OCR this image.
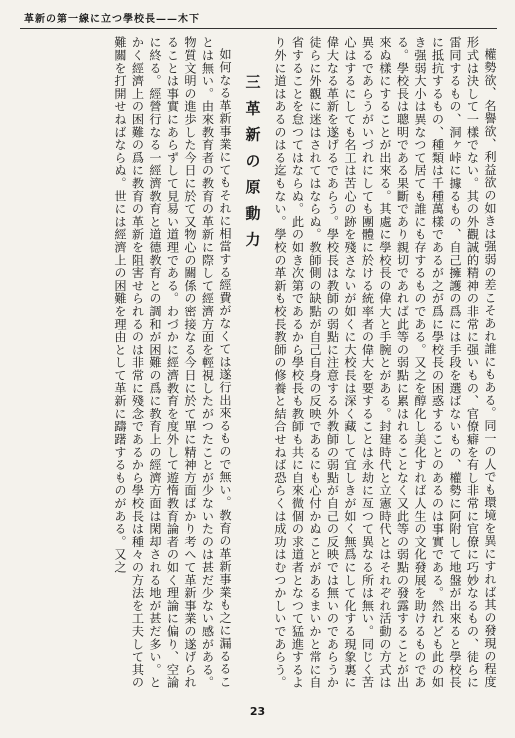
革新の第一線に立つ學校長——木下

權勢欲、名譽欲、利益欲の如きは强弱の差こそあれ誰にもある。同一の人でも環境を異にすれば其の發現の程度形式は決して一樣でない。其の外觀誠的精神の非常に强いもの、官僚癖を有し非常に官僚に巧妙なるもの、徒らに雷同するもの、洞ヶ峠に據るもの、自己擁護の爲には手段を選ばないもの、權勢に阿附して地盤が出來ると學校長に抵抗するもの、種類は千種萬樣であるが之が爲に學校長の困惑することのあるのは事實である。然れども此の如き强弱大小は異なつて居ても誰にも存するものである。又之を醇化し美化すれば人生の文化發展を助けるものである。學校長は聰明である果斷であり親切であれば此等の弱點に累はれることなく又此等の弱點の發露することが出來ぬ樣にすることが出來る。其處に學校長の偉大と手腕とがある。封建時代と立憲時代とはそれぞれ活動の方式は異るであらうがいづれにしても團體に於ける統率者の偉大を要することは永劫に亙つて異なる所は無い。同じく苦心はするにしても名工は苦心の跡を殘さないが如くに大校長は深く藏して宜しきが如く無爲にして化する現象裏に偉大なる革新を遂げるであらう。學校長は教師の弱點に注意する外教師の弱點が自己の反映では無いのであらうか徒らに外觀に迷はされてはならぬ。教師側の缺點が自己自身の反映であるにも心付かぬことがあるまいかと常に自省することを怠つてはならぬ。此の如き次第であるから學校長も教師も共に自來微個の求道者となつて猛進するより外に道はあるのはる迄もない。學校の革新も校長教師の修養と結合せねば恐らくは成功はむつかしいであらう。

三 革 新 の 原 動 力

如何なる革新事業にてもそれに相當する經費がなくては遂行出來るもので無い。教育の革新事業も之に漏るることは無い。由來教育者の教育の革新に際して經濟方面を輕視したがつたことが少ないたのは甚だ少ない感がある。物質文明の進歩した今日に於て又物心の關係の密接なる今日に於て單に精神方面ばかり考へて革新事業の遂げられることは事實にあらずして見易い道理である。わづかに經濟教育を度外して遊惰教育論者の如く理論に偏り、空論に終る。經營行なる一經濟教育と道德教育との調和が困難の爲に教育上の經濟方面は閑却される地が甚だ多い。とかく經濟上の困難の爲に教育の革新を阻害せられるのは非常に殘念であるから學校長は種々の方法を工夫して其の難關を打開せねばならぬ。世には經濟上の困難を理由として革新に躊躇するものがある。又之

23
